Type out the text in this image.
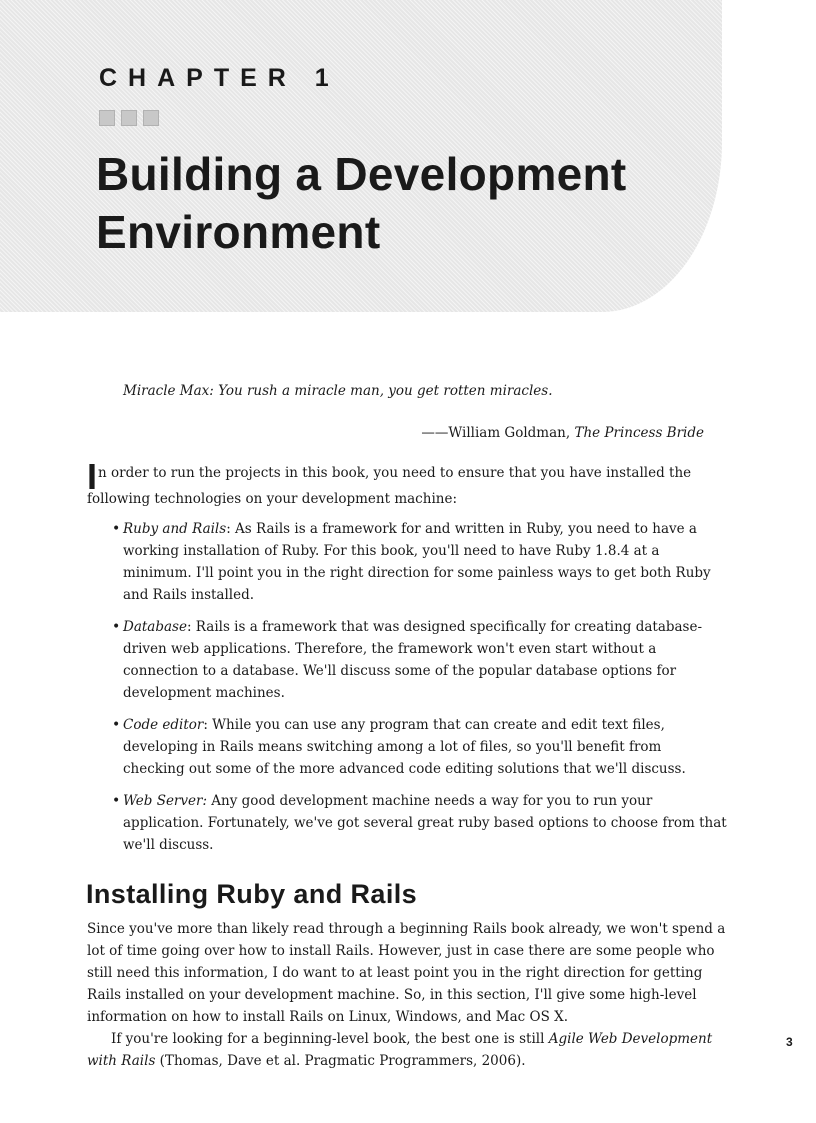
CHAPTER 1
Building a Development Environment

Miracle Max: You rush a miracle man, you get rotten miracles.

——William Goldman, The Princess Bride

In order to run the projects in this book, you need to ensure that you have installed the following technologies on your development machine:

• Ruby and Rails: As Rails is a framework for and written in Ruby, you need to have a working installation of Ruby. For this book, you'll need to have Ruby 1.8.4 at a minimum. I'll point you in the right direction for some painless ways to get both Ruby and Rails installed.
• Database: Rails is a framework that was designed specifically for creating database-driven web applications. Therefore, the framework won't even start without a connection to a database. We'll discuss some of the popular database options for development machines.
• Code editor: While you can use any program that can create and edit text files, developing in Rails means switching among a lot of files, so you'll benefit from checking out some of the more advanced code editing solutions that we'll discuss.
• Web Server: Any good development machine needs a way for you to run your application. Fortunately, we've got several great ruby based options to choose from that we'll discuss.
Installing Ruby and Rails

Since you've more than likely read through a beginning Rails book already, we won't spend a lot of time going over how to install Rails. However, just in case there are some people who still need this information, I do want to at least point you in the right direction for getting Rails installed on your development machine. So, in this section, I'll give some high-level information on how to install Rails on Linux, Windows, and Mac OS X.

If you're looking for a beginning-level book, the best one is still Agile Web Development with Rails (Thomas, Dave et al. Pragmatic Programmers, 2006).

3
